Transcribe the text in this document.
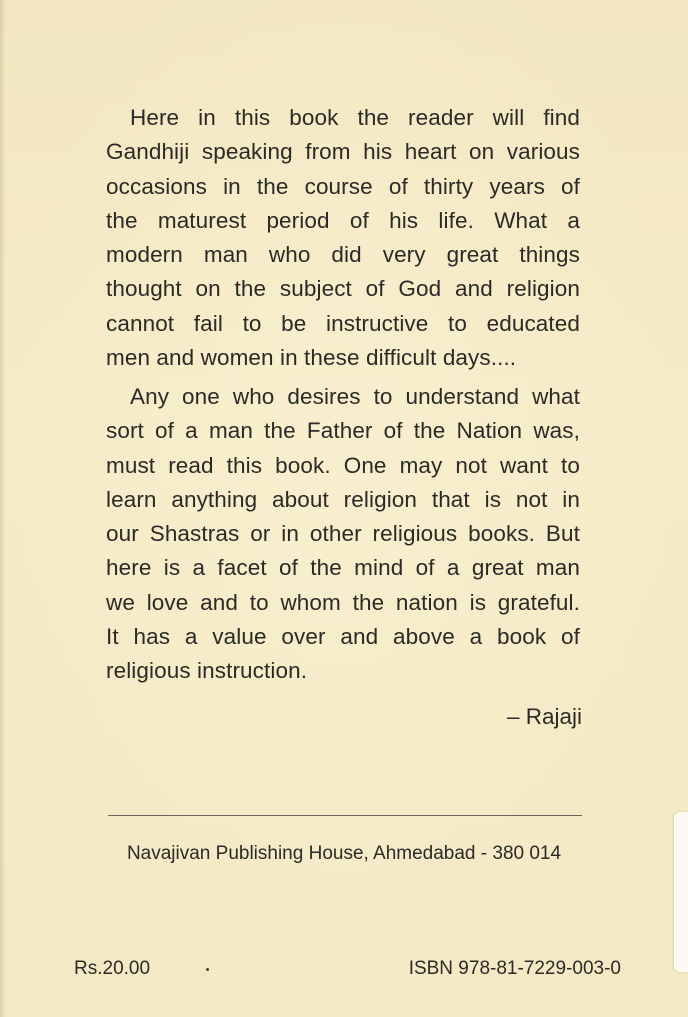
Here in this book the reader will find
Gandhiji speaking from his heart on various
occasions in the course of thirty years of
the maturest period of his life. What a
modern man who did very great things
thought on the subject of God and religion
cannot fail to be instructive to educated
men and women in these difficult days....
Any one who desires to understand what
sort of a man the Father of the Nation was,
must read this book. One may not want to
learn anything about religion that is not in
our Shastras or in other religious books. But
here is a facet of the mind of a great man
we love and to whom the nation is grateful.
It has a value over and above a book of
religious instruction.
– Rajaji
Navajivan Publishing House, Ahmedabad - 380 014
Rs.20.00	ISBN 978-81-7229-003-0
